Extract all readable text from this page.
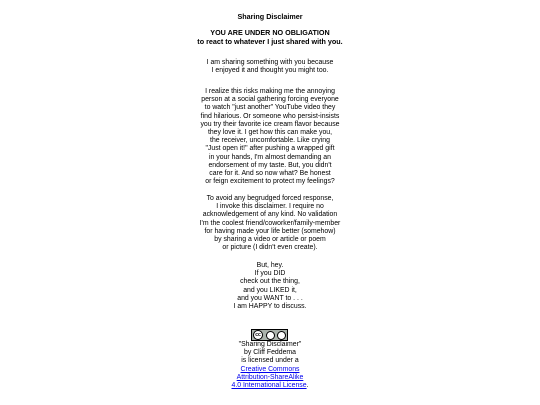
Sharing Disclaimer
YOU ARE UNDER NO OBLIGATION
to react to whatever I just shared with you.
I am sharing something with you because
I enjoyed it and thought you might too.
I realize this risks making me the annoying
person at a social gathering forcing everyone
to watch "just another" YouTube video they
find hilarious. Or someone who persist-insists
you try their favorite ice cream flavor because
they love it. I get how this can make you,
the receiver, uncomfortable. Like crying
"Just open it!" after pushing a wrapped gift
in your hands, I'm almost demanding an
endorsement of my taste. But, you didn't
care for it. And so now what? Be honest
or feign excitement to protect my feelings?
To avoid any begrudged forced response,
I invoke this disclaimer. I require no
acknowledgement of any kind. No validation
I'm the coolest friend/coworker/family-member
for having made your life better (somehow)
by sharing a video or article or poem
or picture (I didn't even create).
But, hey.
If you DID
check out the thing,
and you LIKED it,
and you WANT to . . .
I am HAPPY to discuss.
cc
"Sharing Disclaimer"
by Cliff Feddema
is licensed under a
Creative Commons
Attribution-ShareAlike
4.0 International License.
